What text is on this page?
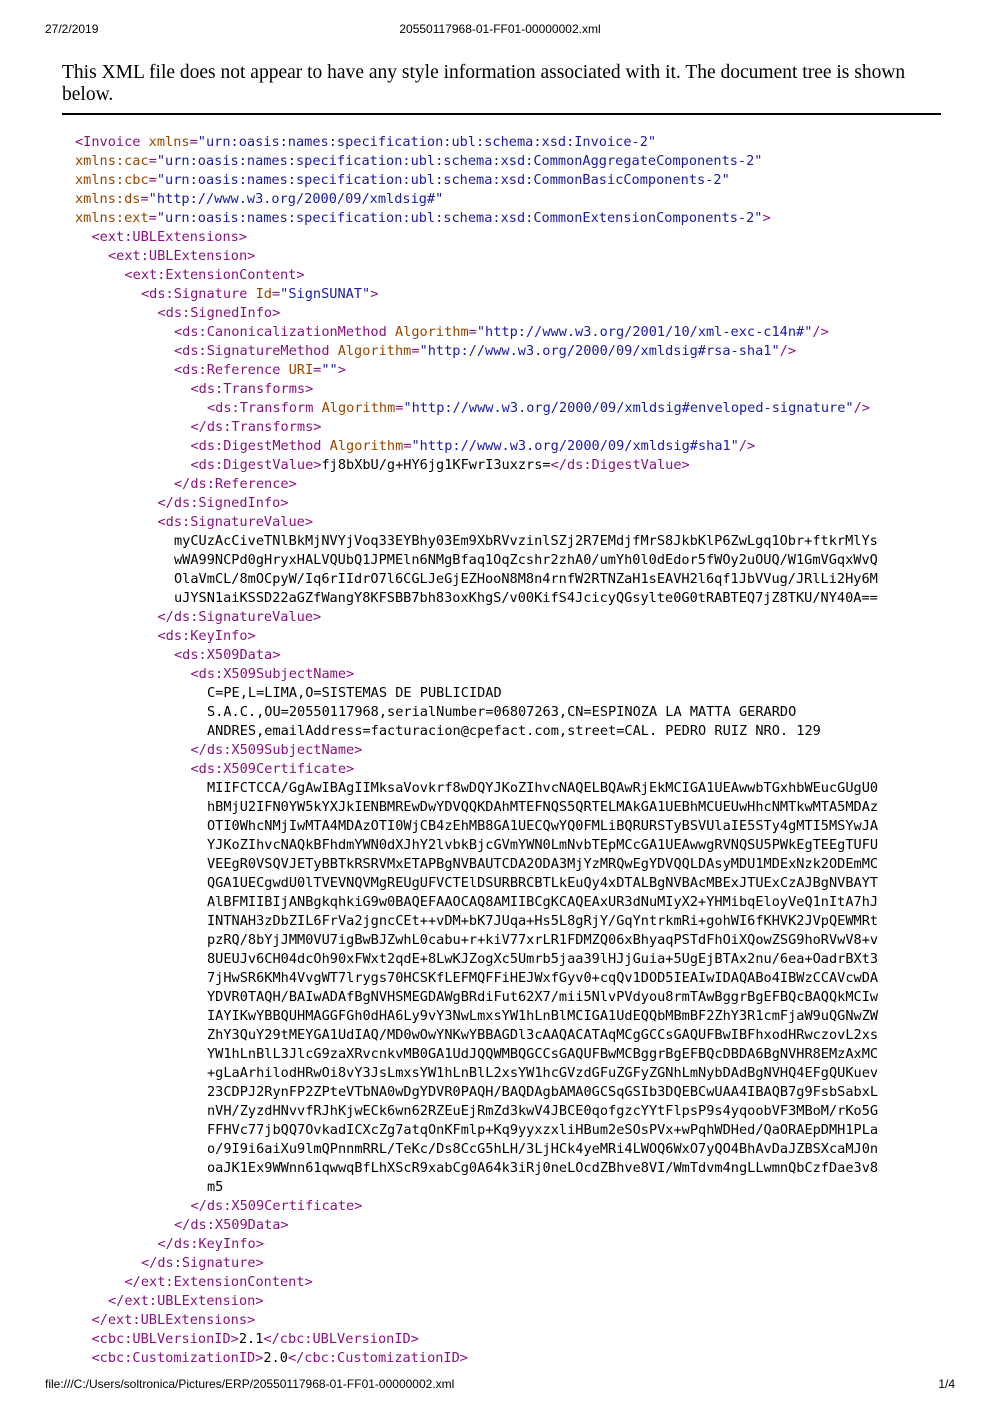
27/2/2019	20550117968-01-FF01-00000002.xml
This XML file does not appear to have any style information associated with it. The document tree is shown below.
<Invoice xmlns="urn:oasis:names:specification:ubl:schema:xsd:Invoice-2"
xmlns:cac="urn:oasis:names:specification:ubl:schema:xsd:CommonAggregateComponents-2"
xmlns:cbc="urn:oasis:names:specification:ubl:schema:xsd:CommonBasicComponents-2"
xmlns:ds="http://www.w3.org/2000/09/xmldsig#"
xmlns:ext="urn:oasis:names:specification:ubl:schema:xsd:CommonExtensionComponents-2">
<ext:UBLExtensions>
<ext:UBLExtension>
<ext:ExtensionContent>
<ds:Signature Id="SignSUNAT">
<ds:SignedInfo>
<ds:CanonicalizationMethod Algorithm="http://www.w3.org/2001/10/xml-exc-c14n#"/>
<ds:SignatureMethod Algorithm="http://www.w3.org/2000/09/xmldsig#rsa-sha1"/>
<ds:Reference URI="">
<ds:Transforms>
<ds:Transform Algorithm="http://www.w3.org/2000/09/xmldsig#enveloped-signature"/>
</ds:Transforms>
<ds:DigestMethod Algorithm="http://www.w3.org/2000/09/xmldsig#sha1"/>
<ds:DigestValue>fj8bXbU/g+HY6jg1KFwrI3uxzrs=</ds:DigestValue>
</ds:Reference>
</ds:SignedInfo>
<ds:SignatureValue>
myCUzAcCiveTNlBkMjNVYjVoq33EYBhy03Em9XbRVvzinlSZj2R7EMdjfMrS8JkbKlP6ZwLgq1Obr+ftkrMlYs
wWA99NCPd0gHryxHALVQUbQ1JPMEln6NMgBfaq1OqZcshr2zhA0/umYh0l0dEdor5fWOy2uOUQ/W1GmVGqxWvQ
OlaVmCL/8mOCpyW/Iq6rIIdrO7l6CGLJeGjEZHooN8M8n4rnfW2RTNZaH1sEAVH2l6qf1JbVVug/JRlLi2Hy6M
uJYSN1aiKSSD22aGZfWangY8KFSBB7bh83oxKhgS/v00KifS4JcicyQGsylte0G0tRABTEQ7jZ8TKU/NY40A==
</ds:SignatureValue>
<ds:KeyInfo>
<ds:X509Data>
<ds:X509SubjectName>
C=PE,L=LIMA,O=SISTEMAS DE PUBLICIDAD
S.A.C.,OU=20550117968,serialNumber=06807263,CN=ESPINOZA LA MATTA GERARDO
ANDRES,emailAddress=facturacion@cpefact.com,street=CAL. PEDRO RUIZ NRO. 129
</ds:X509SubjectName>
<ds:X509Certificate>
MIIFCTCCA/GgAwIBAgIIMksaVovkrf8wDQYJKoZIhvcNAQELBQAwRjEkMCIGA1UEAwwbTGxhbWEucGUgU0
hBMjU2IFN0YW5kYXJkIENBMREwDwYDVQQKDAhMTEFNQS5QRTELMAkGA1UEBhMCUEUwHhcNMTkwMTA5MDAz
OTI0WhcNMjIwMTA4MDAzOTI0WjCB4zEhMB8GA1UECQwYQ0FMLiBQRURSTyBSVUlaIE5STy4gMTI5MSYwJA
YJKoZIhvcNAQkBFhdmYWN0dXJhY2lvbkBjcGVmYWN0LmNvbTEpMCcGA1UEAwwgRVNQSU5PWkEgTEEgTUFU
VEEgR0VSQVJETyBBTkRSRVMxETAPBgNVBAUTCDA2ODA3MjYzMRQwEgYDVQQLDAsyMDU1MDExNzk2ODEmMC
QGA1UECgwdU0lTVEVNQVMgREUgUFVCTElDSURBRCBTLkEuQy4xDTALBgNVBAcMBExJTUExCzAJBgNVBAYT
AlBFMIIBIjANBgkqhkiG9w0BAQEFAAOCAQ8AMIIBCgKCAQEAxUR3dNuMIyX2+YHMibqEloyVeQ1nItA7hJ
INTNAH3zDbZIL6FrVa2jgncCEt++vDM+bK7JUqa+Hs5L8gRjY/GqYntrkmRi+gohWI6fKHVK2JVpQEWMRt
pzRQ/8bYjJMM0VU7igBwBJZwhL0cabu+r+kiV77xrLR1FDMZQ06xBhyaqPSTdFhOiXQowZSG9hoRVwV8+v
8UEUJv6CH04dcOh90xFWxt2qdE+8LwKJZogXc5Umrb5jaa39lHJjGuia+5UgEjBTAx2nu/6ea+OadrBXt3
7jHwSR6KMh4VvgWT7lrygs70HCSKfLEFMQFFiHEJWxfGyv0+cqQv1DOD5IEAIwIDAQABo4IBWzCCAVcwDA
YDVR0TAQH/BAIwADAfBgNVHSMEGDAWgBRdiFut62X7/mii5NlvPVdyou8rmTAwBggrBgEFBQcBAQQkMCIw
IAYIKwYBBQUHMAGGFGh0dHA6Ly9vY3NwLmxsYW1hLnBlMCIGA1UdEQQbMBmBF2ZhY3R1cmFjaW9uQGNwZW
ZhY3QuY29tMEYGA1UdIAQ/MD0wOwYNKwYBBAGDl3cAAQACATAqMCgGCCsGAQUFBwIBFhxodHRwczovL2xs
YW1hLnBlL3JlcG9zaXRvcnkvMB0GA1UdJQQWMBQGCCsGAQUFBwMCBggrBgEFBQcDBDA6BgNVHR8EMzAxMC
+gLaArhilodHRwOi8vY3JsLmxsYW1hLnBlL2xsYW1hcGVzdGFuZGFyZGNhLmNybDAdBgNVHQ4EFgQUKuev
23CDPJ2RynFP2ZPteVTbNA0wDgYDVR0PAQH/BAQDAgbAMA0GCSqGSIb3DQEBCwUAA4IBAQB7g9FsbSabxL
nVH/ZyzdHNvvfRJhKjwECk6wn62RZEuEjRmZd3kwV4JBCE0qofgzcYYtFlpsP9s4yqoobVF3MBoM/rKo5G
FFHVc77jbQQ7OvkadICXcZg7atqOnKFmlp+Kq9yyxzxliHBum2eSOsPVx+wPqhWDHed/QaORAEpDMH1PLa
o/9I9i6aiXu9lmQPnnmRRL/TeKc/Ds8CcG5hLH/3LjHCk4yeMRi4LWOQ6WxO7yQO4BhAvDaJZBSXcaMJ0n
oaJK1Ex9WWnn61qwwqBfLhXScR9xabCg0A64k3iRj0neLOcdZBhve8VI/WmTdvm4ngLLwmnQbCzfDae3v8
m5
</ds:X509Certificate>
</ds:X509Data>
</ds:KeyInfo>
</ds:Signature>
</ext:ExtensionContent>
</ext:UBLExtension>
</ext:UBLExtensions>
<cbc:UBLVersionID>2.1</cbc:UBLVersionID>
<cbc:CustomizationID>2.0</cbc:CustomizationID>
file:///C:/Users/soltronica/Pictures/ERP/20550117968-01-FF01-00000002.xml	1/4
